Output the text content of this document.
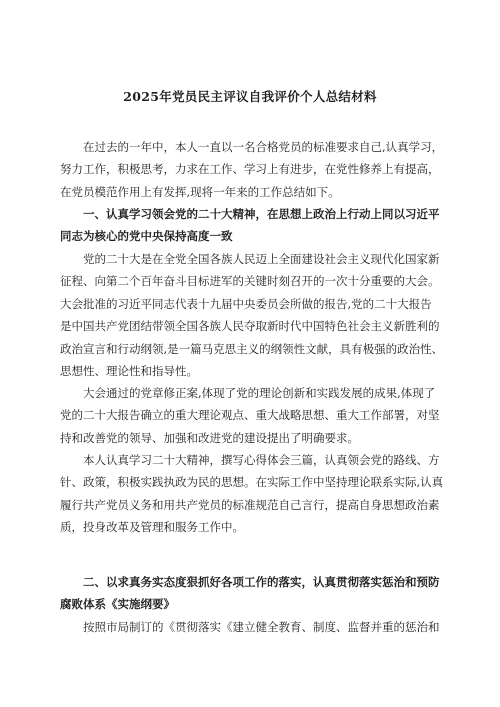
2025年党员民主评议自我评价个人总结材料
在过去的一年中，本人一直以一名合格党员的标准要求自己,认真学习，
努力工作，积极思考，力求在工作、学习上有进步，在党性修养上有提高，
在党员模范作用上有发挥,现将一年来的工作总结如下。
一、认真学习领会党的二十大精神，在思想上政治上行动上同以习近平
同志为核心的党中央保持高度一致
党的二十大是在全党全国各族人民迈上全面建设社会主义现代化国家新
征程、向第二个百年奋斗目标进军的关键时刻召开的一次十分重要的大会。
大会批准的习近平同志代表十九届中央委员会所做的报告,党的二十大报告
是中国共产党团结带领全国各族人民夺取新时代中国特色社会主义新胜利的
政治宣言和行动纲领,是一篇马克思主义的纲领性文献，具有极强的政治性、
思想性、理论性和指导性。
大会通过的党章修正案,体现了党的理论创新和实践发展的成果,体现了
党的二十大报告确立的重大理论观点、重大战略思想、重大工作部署，对坚
持和改善党的领导、加强和改进党的建设提出了明确要求。
本人认真学习二十大精神，撰写心得体会三篇，认真领会党的路线、方
针、政策，积极实践执政为民的思想。在实际工作中坚持理论联系实际,认真
履行共产党员义务和用共产党员的标准规范自己言行，提高自身思想政治素
质，投身改革及管理和服务工作中。
二、以求真务实态度狠抓好各项工作的落实，认真贯彻落实惩治和预防
腐败体系《实施纲要》
按照市局制订的《贯彻落实《建立健全教育、制度、监督并重的惩治和
